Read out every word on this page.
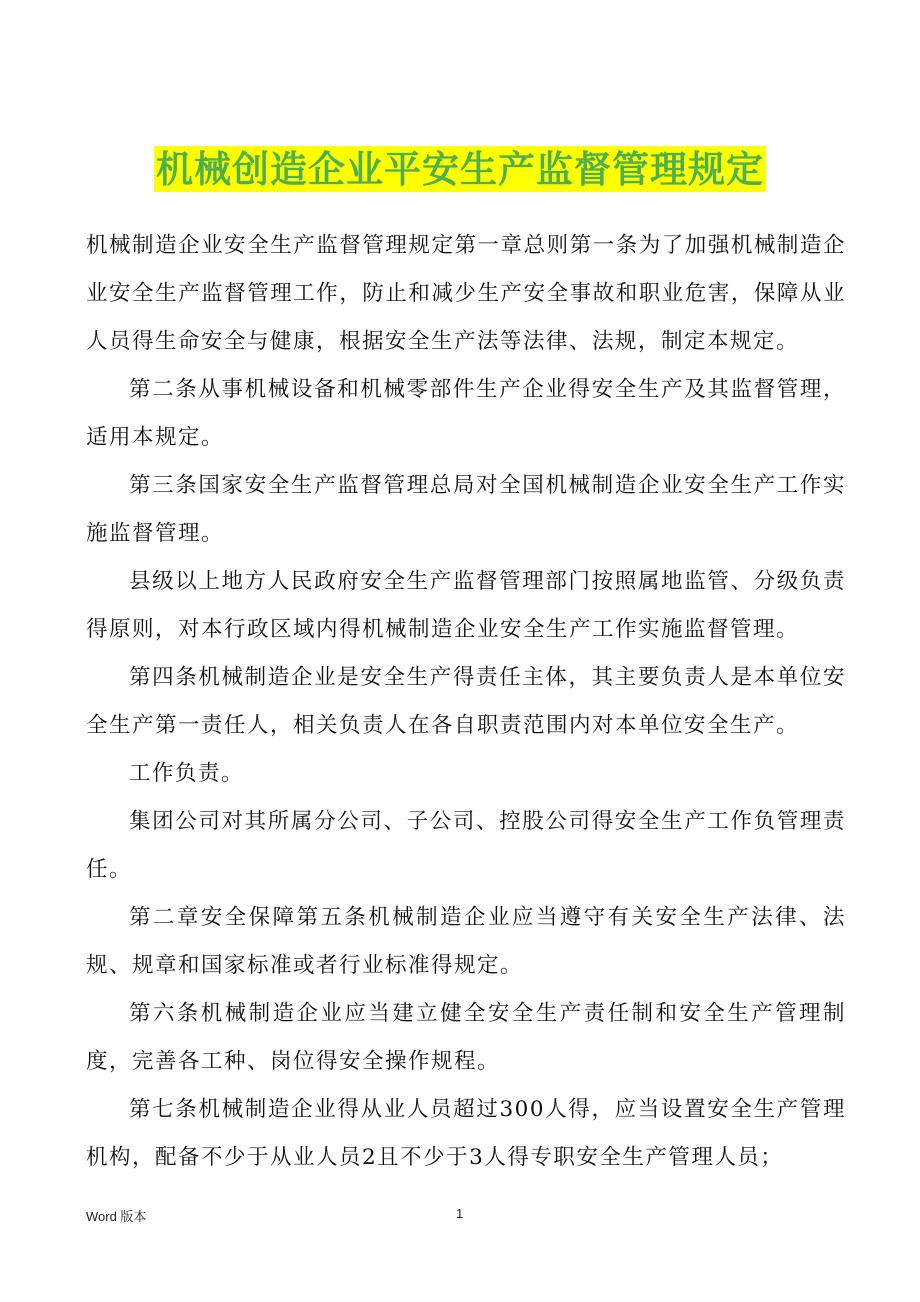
机械创造企业平安生产监督管理规定

机械制造企业安全生产监督管理规定第一章总则第一条为了加强机械制造企业安全生产监督管理工作，防止和减少生产安全事故和职业危害，保障从业人员得生命安全与健康，根据安全生产法等法律、法规，制定本规定。

第二条从事机械设备和机械零部件生产企业得安全生产及其监督管理，适用本规定。

第三条国家安全生产监督管理总局对全国机械制造企业安全生产工作实施监督管理。

县级以上地方人民政府安全生产监督管理部门按照属地监管、分级负责得原则，对本行政区域内得机械制造企业安全生产工作实施监督管理。

第四条机械制造企业是安全生产得责任主体，其主要负责人是本单位安全生产第一责任人，相关负责人在各自职责范围内对本单位安全生产。

工作负责。

集团公司对其所属分公司、子公司、控股公司得安全生产工作负管理责任。

第二章安全保障第五条机械制造企业应当遵守有关安全生产法律、法规、规章和国家标准或者行业标准得规定。

第六条机械制造企业应当建立健全安全生产责任制和安全生产管理制度，完善各工种、岗位得安全操作规程。

第七条机械制造企业得从业人员超过300人得，应当设置安全生产管理机构，配备不少于从业人员2且不少于3人得专职安全生产管理人员；

Word 版本	1
